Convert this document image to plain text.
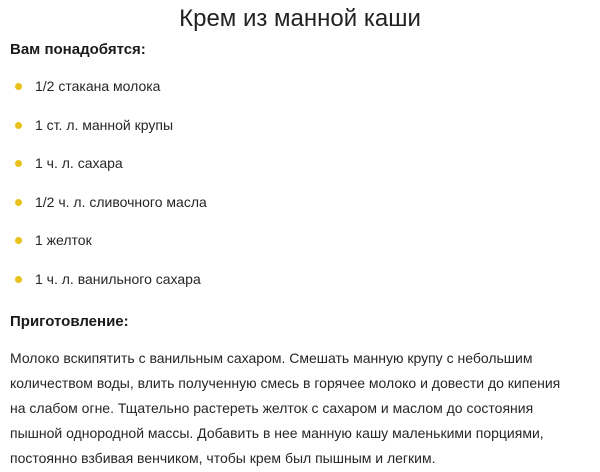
Крем из манной каши
Вам понадобятся:
1/2 стакана молока
1 ст. л. манной крупы
1 ч. л. сахара
1/2 ч. л. сливочного масла
1 желток
1 ч. л. ванильного сахара
Приготовление:
Молоко вскипятить с ванильным сахаром. Смешать манную крупу с небольшим
количеством воды, влить полученную смесь в горячее молоко и довести до кипения
на слабом огне. Тщательно растереть желток с сахаром и маслом до состояния
пышной однородной массы. Добавить в нее манную кашу маленькими порциями,
постоянно взбивая венчиком, чтобы крем был пышным и легким.
